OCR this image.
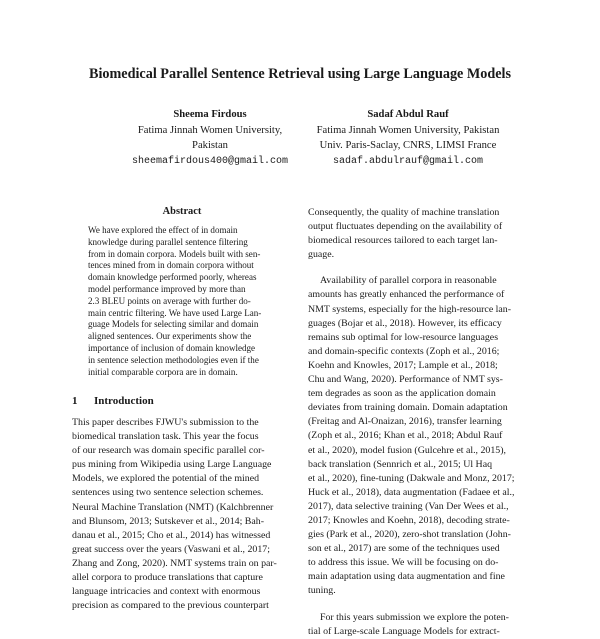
Biomedical Parallel Sentence Retrieval using Large Language Models
Sheema Firdous
Fatima Jinnah Women University,
Pakistan
sheemafirdous400@gmail.com
Sadaf Abdul Rauf
Fatima Jinnah Women University, Pakistan
Univ. Paris-Saclay, CNRS, LIMSI France
sadaf.abdulrauf@gmail.com
Abstract
We have explored the effect of in domain
knowledge during parallel sentence filtering
from in domain corpora. Models built with sen-
tences mined from in domain corpora without
domain knowledge performed poorly, whereas
model performance improved by more than
2.3 BLEU points on average with further do-
main centric filtering. We have used Large Lan-
guage Models for selecting similar and domain
aligned sentences. Our experiments show the
importance of inclusion of domain knowledge
in sentence selection methodologies even if the
initial comparable corpora are in domain.
1 Introduction
This paper describes FJWU's submission to the
biomedical translation task. This year the focus
of our research was domain specific parallel cor-
pus mining from Wikipedia using Large Language
Models, we explored the potential of the mined
sentences using two sentence selection schemes.
Neural Machine Translation (NMT) (Kalchbrenner
and Blunsom, 2013; Sutskever et al., 2014; Bah-
danau et al., 2015; Cho et al., 2014) has witnessed
great success over the years (Vaswani et al., 2017;
Zhang and Zong, 2020). NMT systems train on par-
allel corpora to produce translations that capture
language intricacies and context with enormous
precision as compared to the previous counterpart
Consequently, the quality of machine translation
output fluctuates depending on the availability of
biomedical resources tailored to each target lan-
guage.
Availability of parallel corpora in reasonable
amounts has greatly enhanced the performance of
NMT systems, especially for the high-resource lan-
guages (Bojar et al., 2018). However, its efficacy
remains sub optimal for low-resource languages
and domain-specific contexts (Zoph et al., 2016;
Koehn and Knowles, 2017; Lample et al., 2018;
Chu and Wang, 2020). Performance of NMT sys-
tem degrades as soon as the application domain
deviates from training domain. Domain adaptation
(Freitag and Al-Onaizan, 2016), transfer learning
(Zoph et al., 2016; Khan et al., 2018; Abdul Rauf
et al., 2020), model fusion (Gulcehre et al., 2015),
back translation (Sennrich et al., 2015; Ul Haq
et al., 2020), fine-tuning (Dakwale and Monz, 2017;
Huck et al., 2018), data augmentation (Fadaee et al.,
2017), data selective training (Van Der Wees et al.,
2017; Knowles and Koehn, 2018), decoding strate-
gies (Park et al., 2020), zero-shot translation (John-
son et al., 2017) are some of the techniques used
to address this issue. We will be focusing on do-
main adaptation using data augmentation and fine
tuning.
For this years submission we explore the poten-
tial of Large-scale Language Models for extract-
